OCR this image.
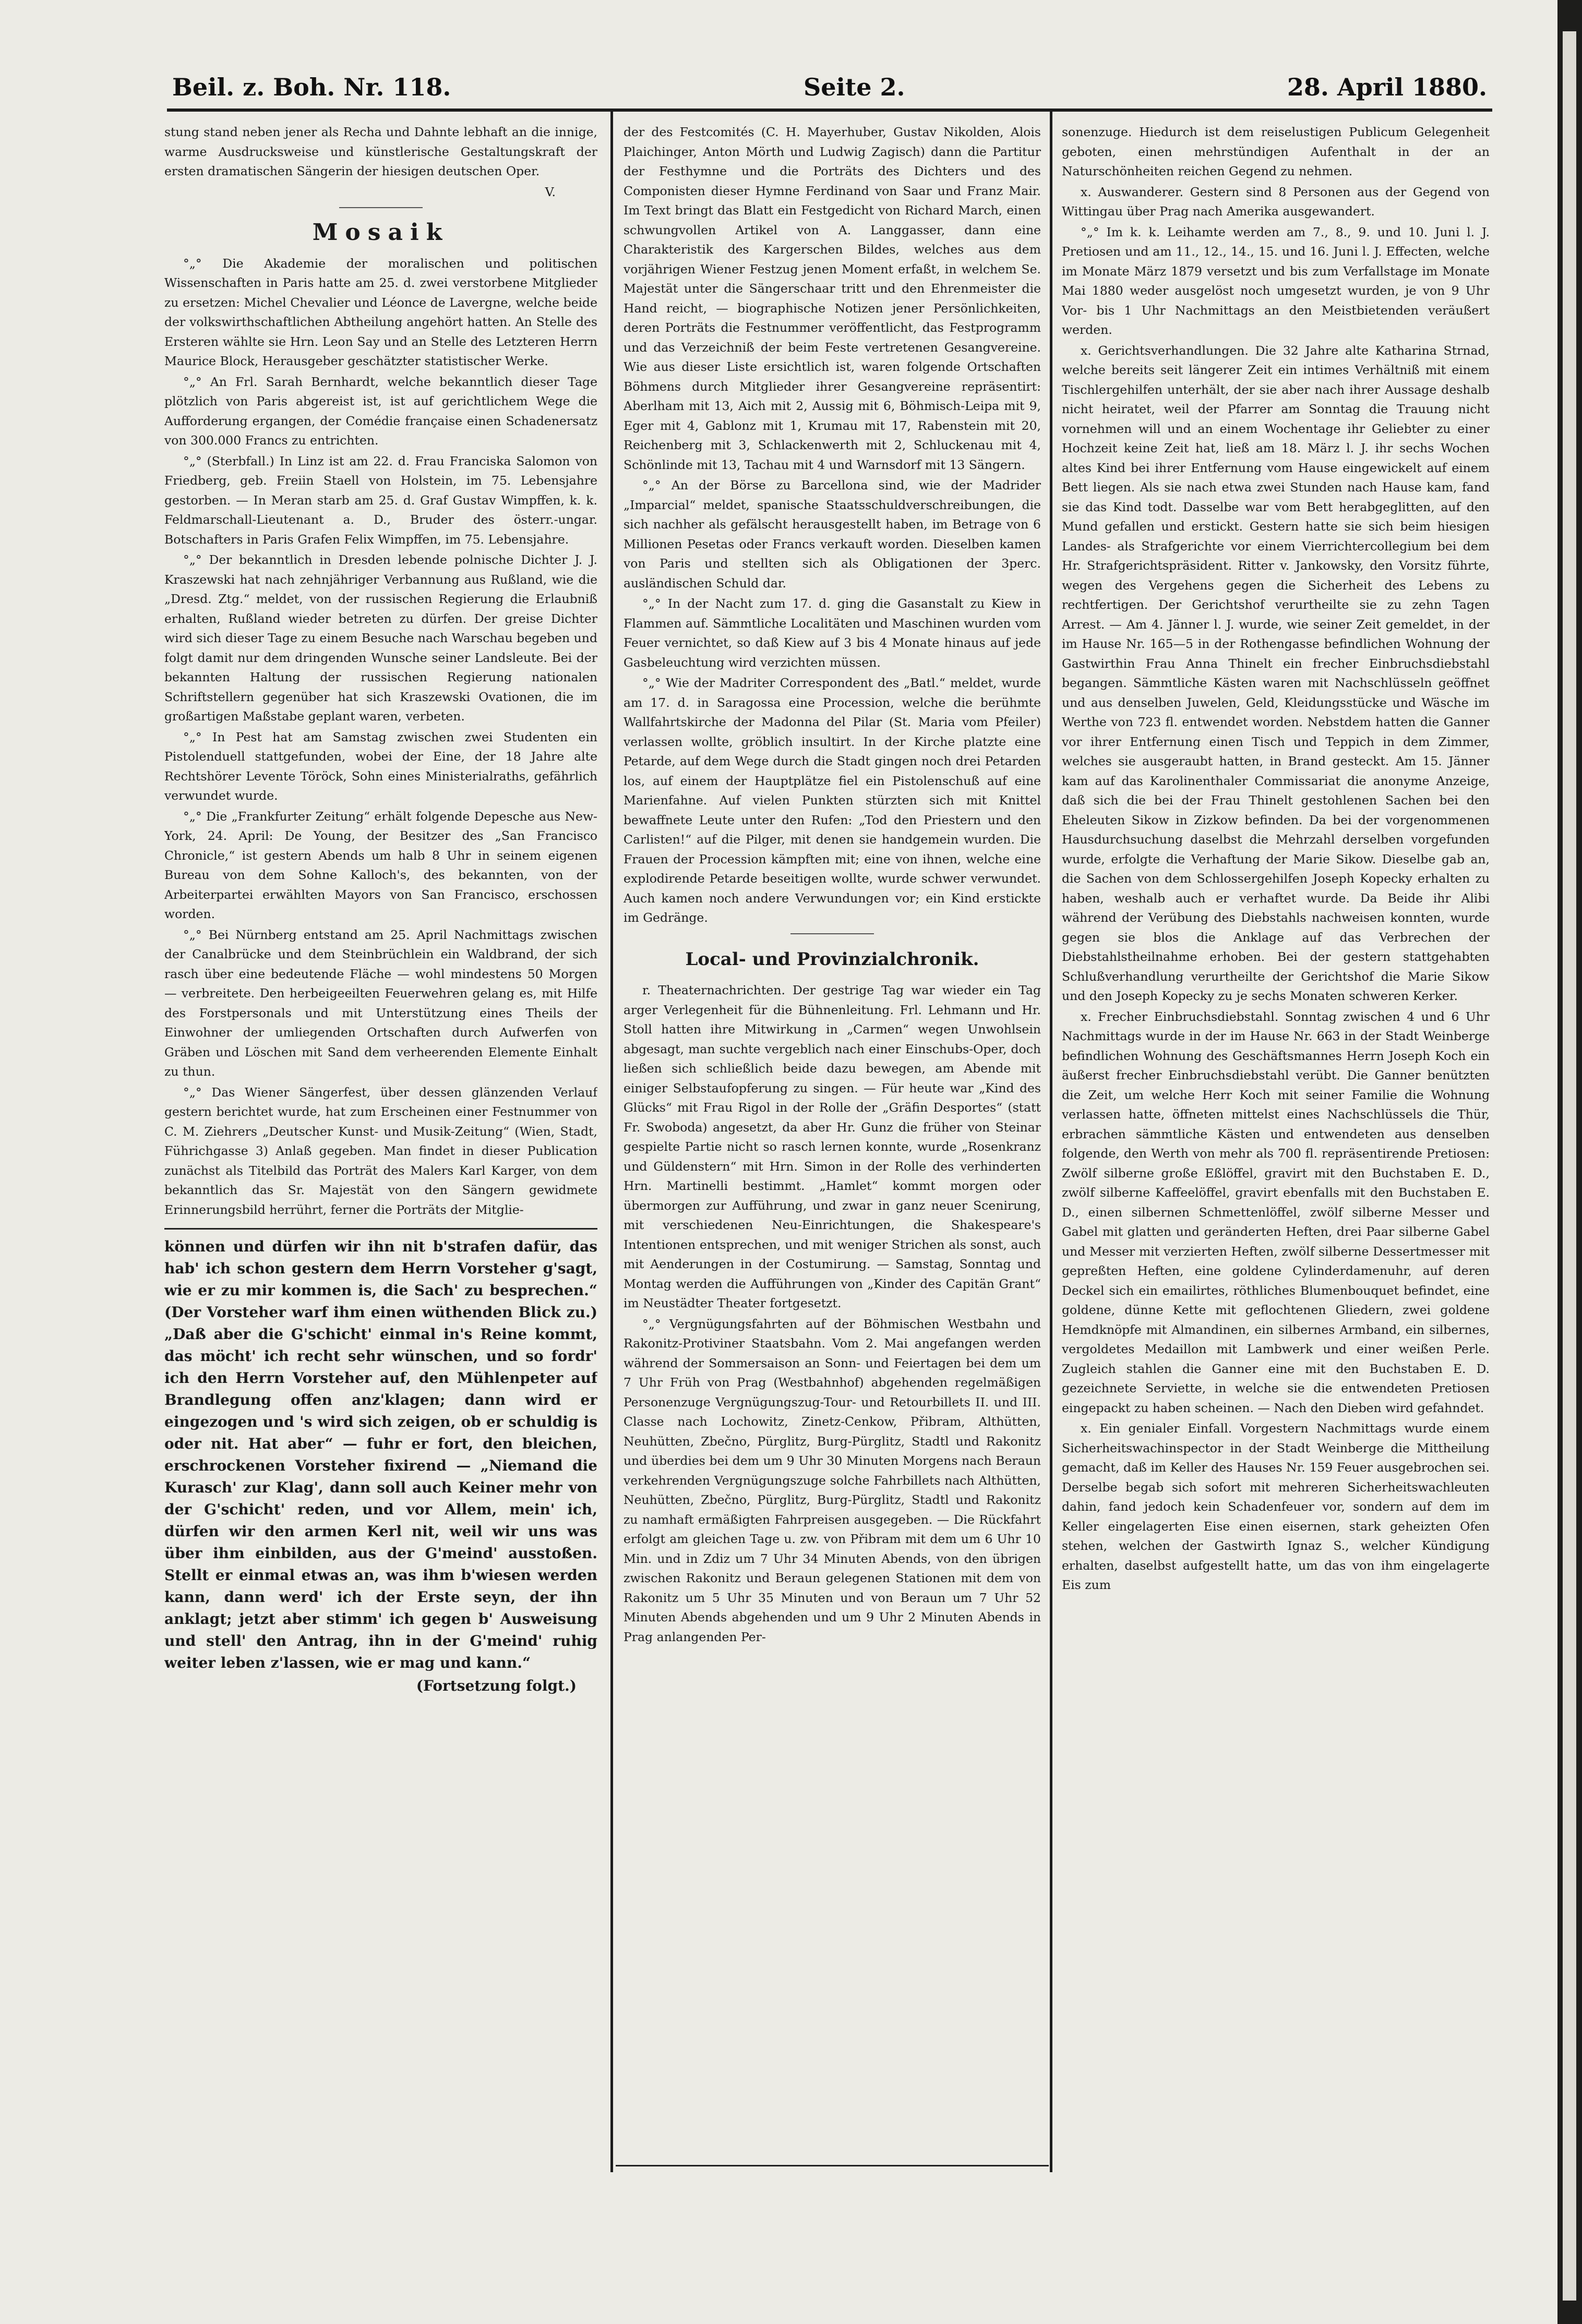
Beil. z. Boh. Nr. 118.	Seite 2.	28. April 1880.

stung stand neben jener als Recha und Dahnte lebhaft an die innige, warme Ausdrucksweise und künstlerische Gestaltungskraft der ersten dramatischen Sängerin der hiesigen deutschen Oper.

V.
Mosaik

°„° Die Akademie der moralischen und politischen Wissenschaften in Paris hatte am 25. d. zwei verstorbene Mitglieder zu ersetzen: Michel Chevalier und Léonce de Lavergne, welche beide der volkswirthschaftlichen Abtheilung angehört hatten. An Stelle des Ersteren wählte sie Hrn. Leon Say und an Stelle des Letzteren Herrn Maurice Block, Herausgeber geschätzter statistischer Werke.

°„° An Frl. Sarah Bernhardt, welche bekanntlich dieser Tage plötzlich von Paris abgereist ist, ist auf gerichtlichem Wege die Aufforderung ergangen, der Comédie française einen Schadenersatz von 300.000 Francs zu entrichten.

°„° (Sterbfall.) In Linz ist am 22. d. Frau Franciska Salomon von Friedberg, geb. Freiin Staell von Holstein, im 75. Lebensjahre gestorben. — In Meran starb am 25. d. Graf Gustav Wimpffen, k. k. Feldmarschall-Lieutenant a. D., Bruder des österr.-ungar. Botschafters in Paris Grafen Felix Wimpffen, im 75. Lebensjahre.

°„° Der bekanntlich in Dresden lebende polnische Dichter J. J. Kraszewski hat nach zehnjähriger Verbannung aus Rußland, wie die „Dresd. Ztg.“ meldet, von der russischen Regierung die Erlaubniß erhalten, Rußland wieder betreten zu dürfen. Der greise Dichter wird sich dieser Tage zu einem Besuche nach Warschau begeben und folgt damit nur dem dringenden Wunsche seiner Landsleute. Bei der bekannten Haltung der russischen Regierung nationalen Schriftstellern gegenüber hat sich Kraszewski Ovationen, die im großartigen Maßstabe geplant waren, verbeten.

°„° In Pest hat am Samstag zwischen zwei Studenten ein Pistolenduell stattgefunden, wobei der Eine, der 18 Jahre alte Rechtshörer Levente Töröck, Sohn eines Ministerialraths, gefährlich verwundet wurde.

°„° Die „Frankfurter Zeitung“ erhält folgende Depesche aus New-York, 24. April: De Young, der Besitzer des „San Francisco Chronicle,“ ist gestern Abends um halb 8 Uhr in seinem eigenen Bureau von dem Sohne Kalloch's, des bekannten, von der Arbeiterpartei erwählten Mayors von San Francisco, erschossen worden.

°„° Bei Nürnberg entstand am 25. April Nachmittags zwischen der Canalbrücke und dem Steinbrüchlein ein Waldbrand, der sich rasch über eine bedeutende Fläche — wohl mindestens 50 Morgen — verbreitete. Den herbeigeeilten Feuerwehren gelang es, mit Hilfe des Forstpersonals und mit Unterstützung eines Theils der Einwohner der umliegenden Ortschaften durch Aufwerfen von Gräben und Löschen mit Sand dem verheerenden Elemente Einhalt zu thun.

°„° Das Wiener Sängerfest, über dessen glänzenden Verlauf gestern berichtet wurde, hat zum Erscheinen einer Festnummer von C. M. Ziehrers „Deutscher Kunst- und Musik-Zeitung“ (Wien, Stadt, Führichgasse 3) Anlaß gegeben. Man findet in dieser Publication zunächst als Titelbild das Porträt des Malers Karl Karger, von dem bekanntlich das Sr. Majestät von den Sängern gewidmete Erinnerungsbild herrührt, ferner die Porträts der Mitglie-

können und dürfen wir ihn nit b'strafen dafür, das hab' ich schon gestern dem Herrn Vorsteher g'sagt, wie er zu mir kommen is, die Sach' zu besprechen.“ (Der Vorsteher warf ihm einen wüthenden Blick zu.) „Daß aber die G'schicht' einmal in's Reine kommt, das möcht' ich recht sehr wünschen, und so fordr' ich den Herrn Vorsteher auf, den Mühlenpeter auf Brandlegung offen anz'klagen; dann wird er eingezogen und 's wird sich zeigen, ob er schuldig is oder nit. Hat aber“ — fuhr er fort, den bleichen, erschrockenen Vorsteher fixirend — „Niemand die Kurasch' zur Klag', dann soll auch Keiner mehr von der G'schicht' reden, und vor Allem, mein' ich, dürfen wir den armen Kerl nit, weil wir uns was über ihm einbilden, aus der G'meind' ausstoßen. Stellt er einmal etwas an, was ihm b'wiesen werden kann, dann werd' ich der Erste seyn, der ihn anklagt; jetzt aber stimm' ich gegen b' Ausweisung und stell' den Antrag, ihn in der G'meind' ruhig weiter leben z'lassen, wie er mag und kann.“

(Fortsetzung folgt.)

der des Festcomités (C. H. Mayerhuber, Gustav Nikolden, Alois Plaichinger, Anton Mörth und Ludwig Zagisch) dann die Partitur der Festhymne und die Porträts des Dichters und des Componisten dieser Hymne Ferdinand von Saar und Franz Mair. Im Text bringt das Blatt ein Festgedicht von Richard March, einen schwungvollen Artikel von A. Langgasser, dann eine Charakteristik des Kargerschen Bildes, welches aus dem vorjährigen Wiener Festzug jenen Moment erfaßt, in welchem Se. Majestät unter die Sängerschaar tritt und den Ehrenmeister die Hand reicht, — biographische Notizen jener Persönlichkeiten, deren Porträts die Festnummer veröffentlicht, das Festprogramm und das Verzeichniß der beim Feste vertretenen Gesangvereine. Wie aus dieser Liste ersichtlich ist, waren folgende Ortschaften Böhmens durch Mitglieder ihrer Gesangvereine repräsentirt: Aberlham mit 13, Aich mit 2, Aussig mit 6, Böhmisch-Leipa mit 9, Eger mit 4, Gablonz mit 1, Krumau mit 17, Rabenstein mit 20, Reichenberg mit 3, Schlackenwerth mit 2, Schluckenau mit 4, Schönlinde mit 13, Tachau mit 4 und Warnsdorf mit 13 Sängern.

°„° An der Börse zu Barcellona sind, wie der Madrider „Imparcial“ meldet, spanische Staatsschuldverschreibungen, die sich nachher als gefälscht herausgestellt haben, im Betrage von 6 Millionen Pesetas oder Francs verkauft worden. Dieselben kamen von Paris und stellten sich als Obligationen der 3perc. ausländischen Schuld dar.

°„° In der Nacht zum 17. d. ging die Gasanstalt zu Kiew in Flammen auf. Sämmtliche Localitäten und Maschinen wurden vom Feuer vernichtet, so daß Kiew auf 3 bis 4 Monate hinaus auf jede Gasbeleuchtung wird verzichten müssen.

°„° Wie der Madriter Correspondent des „Batl.“ meldet, wurde am 17. d. in Saragossa eine Procession, welche die berühmte Wallfahrtskirche der Madonna del Pilar (St. Maria vom Pfeiler) verlassen wollte, gröblich insultirt. In der Kirche platzte eine Petarde, auf dem Wege durch die Stadt gingen noch drei Petarden los, auf einem der Hauptplätze fiel ein Pistolenschuß auf eine Marienfahne. Auf vielen Punkten stürzten sich mit Knittel bewaffnete Leute unter den Rufen: „Tod den Priestern und den Carlisten!“ auf die Pilger, mit denen sie handgemein wurden. Die Frauen der Procession kämpften mit; eine von ihnen, welche eine explodirende Petarde beseitigen wollte, wurde schwer verwundet. Auch kamen noch andere Verwundungen vor; ein Kind erstickte im Gedränge.

Local- und Provinzialchronik.

r. Theaternachrichten. Der gestrige Tag war wieder ein Tag arger Verlegenheit für die Bühnenleitung. Frl. Lehmann und Hr. Stoll hatten ihre Mitwirkung in „Carmen“ wegen Unwohlsein abgesagt, man suchte vergeblich nach einer Einschubs-Oper, doch ließen sich schließlich beide dazu bewegen, am Abende mit einiger Selbstaufopferung zu singen. — Für heute war „Kind des Glücks“ mit Frau Rigol in der Rolle der „Gräfin Desportes“ (statt Fr. Swoboda) angesetzt, da aber Hr. Gunz die früher von Steinar gespielte Partie nicht so rasch lernen konnte, wurde „Rosenkranz und Güldenstern“ mit Hrn. Simon in der Rolle des verhinderten Hrn. Martinelli bestimmt. „Hamlet“ kommt morgen oder übermorgen zur Aufführung, und zwar in ganz neuer Scenirung, mit verschiedenen Neu-Einrichtungen, die Shakespeare's Intentionen entsprechen, und mit weniger Strichen als sonst, auch mit Aenderungen in der Costumirung. — Samstag, Sonntag und Montag werden die Aufführungen von „Kinder des Capitän Grant“ im Neustädter Theater fortgesetzt.

°„° Vergnügungsfahrten auf der Böhmischen Westbahn und Rakonitz-Protiviner Staatsbahn. Vom 2. Mai angefangen werden während der Sommersaison an Sonn- und Feiertagen bei dem um 7 Uhr Früh von Prag (Westbahnhof) abgehenden regelmäßigen Personenzuge Vergnügungszug-Tour- und Retourbillets II. und III. Classe nach Lochowitz, Zinetz-Cenkow, Přibram, Althütten, Neuhütten, Zbečno, Pürglitz, Burg-Pürglitz, Stadtl und Rakonitz und überdies bei dem um 9 Uhr 30 Minuten Morgens nach Beraun verkehrenden Vergnügungszuge solche Fahrbillets nach Althütten, Neuhütten, Zbečno, Pürglitz, Burg-Pürglitz, Stadtl und Rakonitz zu namhaft ermäßigten Fahrpreisen ausgegeben. — Die Rückfahrt erfolgt am gleichen Tage u. zw. von Přibram mit dem um 6 Uhr 10 Min. und in Zdiz um 7 Uhr 34 Minuten Abends, von den übrigen zwischen Rakonitz und Beraun gelegenen Stationen mit dem von Rakonitz um 5 Uhr 35 Minuten und von Beraun um 7 Uhr 52 Minuten Abends abgehenden und um 9 Uhr 2 Minuten Abends in Prag anlangenden Per-

sonenzuge. Hiedurch ist dem reiselustigen Publicum Gelegenheit geboten, einen mehrstündigen Aufenthalt in der an Naturschönheiten reichen Gegend zu nehmen.

x. Auswanderer. Gestern sind 8 Personen aus der Gegend von Wittingau über Prag nach Amerika ausgewandert.

°„° Im k. k. Leihamte werden am 7., 8., 9. und 10. Juni l. J. Pretiosen und am 11., 12., 14., 15. und 16. Juni l. J. Effecten, welche im Monate März 1879 versetzt und bis zum Verfallstage im Monate Mai 1880 weder ausgelöst noch umgesetzt wurden, je von 9 Uhr Vor- bis 1 Uhr Nachmittags an den Meistbietenden veräußert werden.

x. Gerichtsverhandlungen. Die 32 Jahre alte Katharina Strnad, welche bereits seit längerer Zeit ein intimes Verhältniß mit einem Tischlergehilfen unterhält, der sie aber nach ihrer Aussage deshalb nicht heiratet, weil der Pfarrer am Sonntag die Trauung nicht vornehmen will und an einem Wochentage ihr Geliebter zu einer Hochzeit keine Zeit hat, ließ am 18. März l. J. ihr sechs Wochen altes Kind bei ihrer Entfernung vom Hause eingewickelt auf einem Bett liegen. Als sie nach etwa zwei Stunden nach Hause kam, fand sie das Kind todt. Dasselbe war vom Bett herabgeglitten, auf den Mund gefallen und erstickt. Gestern hatte sie sich beim hiesigen Landes- als Strafgerichte vor einem Vierrichtercollegium bei dem Hr. Strafgerichtspräsident. Ritter v. Jankowsky, den Vorsitz führte, wegen des Vergehens gegen die Sicherheit des Lebens zu rechtfertigen. Der Gerichtshof verurtheilte sie zu zehn Tagen Arrest. — Am 4. Jänner l. J. wurde, wie seiner Zeit gemeldet, in der im Hause Nr. 165—5 in der Rothengasse befindlichen Wohnung der Gastwirthin Frau Anna Thinelt ein frecher Einbruchsdiebstahl begangen. Sämmtliche Kästen waren mit Nachschlüsseln geöffnet und aus denselben Juwelen, Geld, Kleidungsstücke und Wäsche im Werthe von 723 fl. entwendet worden. Nebstdem hatten die Ganner vor ihrer Entfernung einen Tisch und Teppich in dem Zimmer, welches sie ausgeraubt hatten, in Brand gesteckt. Am 15. Jänner kam auf das Karolinenthaler Commissariat die anonyme Anzeige, daß sich die bei der Frau Thinelt gestohlenen Sachen bei den Eheleuten Sikow in Zizkow befinden. Da bei der vorgenommenen Hausdurchsuchung daselbst die Mehrzahl derselben vorgefunden wurde, erfolgte die Verhaftung der Marie Sikow. Dieselbe gab an, die Sachen von dem Schlossergehilfen Joseph Kopecky erhalten zu haben, weshalb auch er verhaftet wurde. Da Beide ihr Alibi während der Verübung des Diebstahls nachweisen konnten, wurde gegen sie blos die Anklage auf das Verbrechen der Diebstahlstheilnahme erhoben. Bei der gestern stattgehabten Schlußverhandlung verurtheilte der Gerichtshof die Marie Sikow und den Joseph Kopecky zu je sechs Monaten schweren Kerker.

x. Frecher Einbruchsdiebstahl. Sonntag zwischen 4 und 6 Uhr Nachmittags wurde in der im Hause Nr. 663 in der Stadt Weinberge befindlichen Wohnung des Geschäftsmannes Herrn Joseph Koch ein äußerst frecher Einbruchsdiebstahl verübt. Die Ganner benützten die Zeit, um welche Herr Koch mit seiner Familie die Wohnung verlassen hatte, öffneten mittelst eines Nachschlüssels die Thür, erbrachen sämmtliche Kästen und entwendeten aus denselben folgende, den Werth von mehr als 700 fl. repräsentirende Pretiosen: Zwölf silberne große Eßlöffel, gravirt mit den Buchstaben E. D., zwölf silberne Kaffeelöffel, gravirt ebenfalls mit den Buchstaben E. D., einen silbernen Schmettenlöffel, zwölf silberne Messer und Gabel mit glatten und geränderten Heften, drei Paar silberne Gabel und Messer mit verzierten Heften, zwölf silberne Dessertmesser mit gepreßten Heften, eine goldene Cylinderdamenuhr, auf deren Deckel sich ein emailirtes, röthliches Blumenbouquet befindet, eine goldene, dünne Kette mit geflochtenen Gliedern, zwei goldene Hemdknöpfe mit Almandinen, ein silbernes Armband, ein silbernes, vergoldetes Medaillon mit Lambwerk und einer weißen Perle. Zugleich stahlen die Ganner eine mit den Buchstaben E. D. gezeichnete Serviette, in welche sie die entwendeten Pretiosen eingepackt zu haben scheinen. — Nach den Dieben wird gefahndet.

x. Ein genialer Einfall. Vorgestern Nachmittags wurde einem Sicherheitswachinspector in der Stadt Weinberge die Mittheilung gemacht, daß im Keller des Hauses Nr. 159 Feuer ausgebrochen sei. Derselbe begab sich sofort mit mehreren Sicherheitswachleuten dahin, fand jedoch kein Schadenfeuer vor, sondern auf dem im Keller eingelagerten Eise einen eisernen, stark geheizten Ofen stehen, welchen der Gastwirth Ignaz S., welcher Kündigung erhalten, daselbst aufgestellt hatte, um das von ihm eingelagerte Eis zum
